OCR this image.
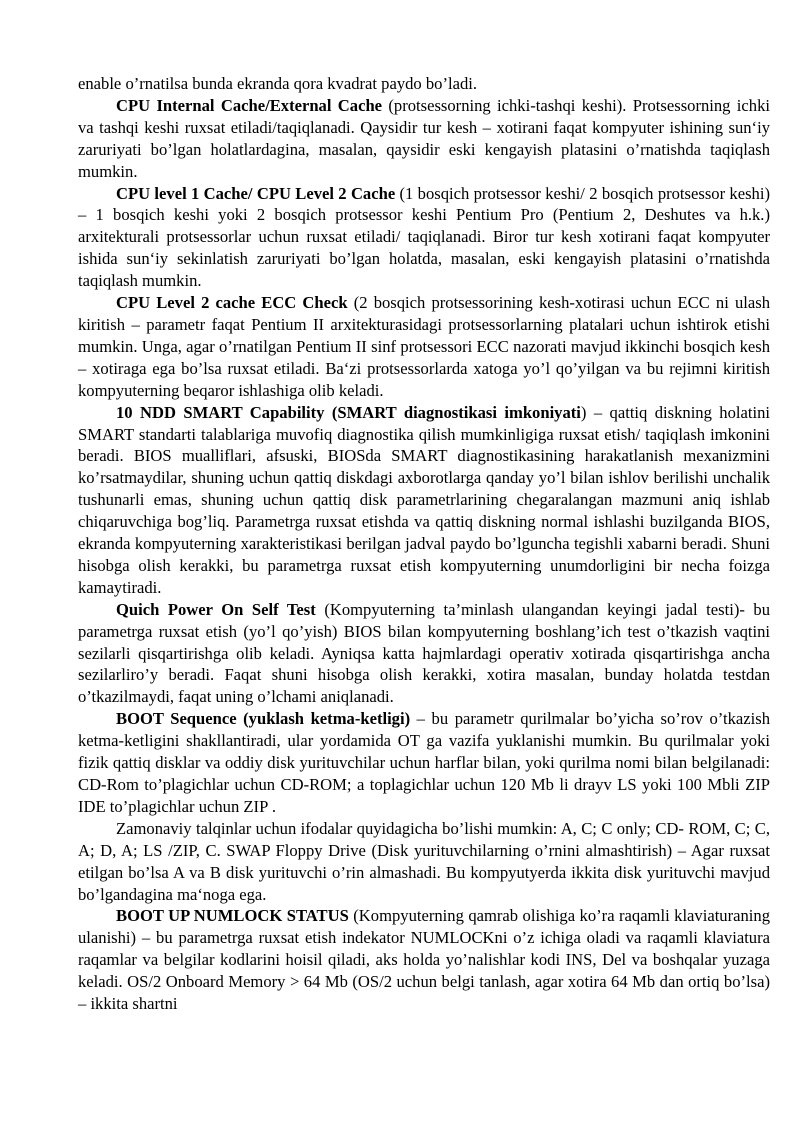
enable o’rnatilsa bunda ekranda qora kvadrat paydo bo’ladi.

CPU Internal Cache/External Cache (protsessorning ichki-tashqi keshi). Protsessorning ichki va tashqi keshi ruxsat etiladi/taqiqlanadi. Qaysidir tur kesh – xotirani faqat kompyuter ishining sun‘iy zaruriyati bo’lgan holatlardagina, masalan, qaysidir eski kengayish platasini o’rnatishda taqiqlash mumkin.

CPU level 1 Cache/ CPU Level 2 Cache (1 bosqich protsessor keshi/ 2 bosqich protsessor keshi) – 1 bosqich keshi yoki 2 bosqich protsessor keshi Pentium Pro (Pentium 2, Deshutes va h.k.) arxitekturali protsessorlar uchun ruxsat etiladi/ taqiqlanadi. Biror tur kesh xotirani faqat kompyuter ishida sun‘iy sekinlatish zaruriyati bo’lgan holatda, masalan, eski kengayish platasini o’rnatishda taqiqlash mumkin.

CPU Level 2 cache ECC Check (2 bosqich protsessorining kesh-xotirasi uchun ECC ni ulash kiritish – parametr faqat Pentium II arxitekturasidagi protsessorlarning platalari uchun ishtirok etishi mumkin. Unga, agar o’rnatilgan Pentium II sinf protsessori ECC nazorati mavjud ikkinchi bosqich kesh – xotiraga ega bo’lsa ruxsat etiladi. Ba‘zi protsessorlarda xatoga yo’l qo’yilgan va bu rejimni kiritish kompyuterning beqaror ishlashiga olib keladi.

10 NDD SMART Capability (SMART diagnostikasi imkoniyati) – qattiq diskning holatini SMART standarti talablariga muvofiq diagnostika qilish mumkinligiga ruxsat etish/ taqiqlash imkonini beradi. BIOS mualliflari, afsuski, BIOSda SMART diagnostikasining harakatlanish mexanizmini ko’rsatmaydilar, shuning uchun qattiq diskdagi axborotlarga qanday yo’l bilan ishlov berilishi unchalik tushunarli emas, shuning uchun qattiq disk parametrlarining chegaralangan mazmuni aniq ishlab chiqaruvchiga bog’liq. Parametrga ruxsat etishda va qattiq diskning normal ishlashi buzilganda BIOS, ekranda kompyuterning xarakteristikasi berilgan jadval paydo bo’lguncha tegishli xabarni beradi. Shuni hisobga olish kerakki, bu parametrga ruxsat etish kompyuterning unumdorligini bir necha foizga kamaytiradi.

Quich Power On Self Test (Kompyuterning ta’minlash ulangandan keyingi jadal testi)- bu parametrga ruxsat etish (yo’l qo’yish) BIOS bilan kompyuterning boshlang’ich test o’tkazish vaqtini sezilarli qisqartirishga olib keladi. Ayniqsa katta hajmlardagi operativ xotirada qisqartirishga ancha sezilarliro’y beradi. Faqat shuni hisobga olish kerakki, xotira masalan, bunday holatda testdan o’tkazilmaydi, faqat uning o’lchami aniqlanadi.

BOOT Sequence (yuklash ketma-ketligi) – bu parametr qurilmalar bo’yicha so’rov o’tkazish ketma-ketligini shakllantiradi, ular yordamida OT ga vazifa yuklanishi mumkin. Bu qurilmalar yoki fizik qattiq disklar va oddiy disk yurituvchilar uchun harflar bilan, yoki qurilma nomi bilan belgilanadi: CD-Rom to’plagichlar uchun CD-ROM; a toplagichlar uchun 120 Mb li drayv LS yoki 100 Mbli ZIP IDE to’plagichlar uchun ZIP .

Zamonaviy talqinlar uchun ifodalar quyidagicha bo’lishi mumkin: A, C; C only; CD- ROM, C; C, A; D, A; LS /ZIP, C. SWAP Floppy Drive (Disk yurituvchilarning o’rnini almashtirish) – Agar ruxsat etilgan bo’lsa A va B disk yurituvchi o’rin almashadi. Bu kompyutyerda ikkita disk yurituvchi mavjud bo’lgandagina ma‘noga ega.

BOOT UP NUMLOCK STATUS (Kompyuterning qamrab olishiga ko’ra raqamli klaviaturaning ulanishi) – bu parametrga ruxsat etish indekator NUMLOCKni o’z ichiga oladi va raqamli klaviatura raqamlar va belgilar kodlarini hoisil qiladi, aks holda yo’nalishlar kodi INS, Del va boshqalar yuzaga keladi. OS/2 Onboard Memory > 64 Mb (OS/2 uchun belgi tanlash, agar xotira 64 Mb dan ortiq bo’lsa) – ikkita shartni
